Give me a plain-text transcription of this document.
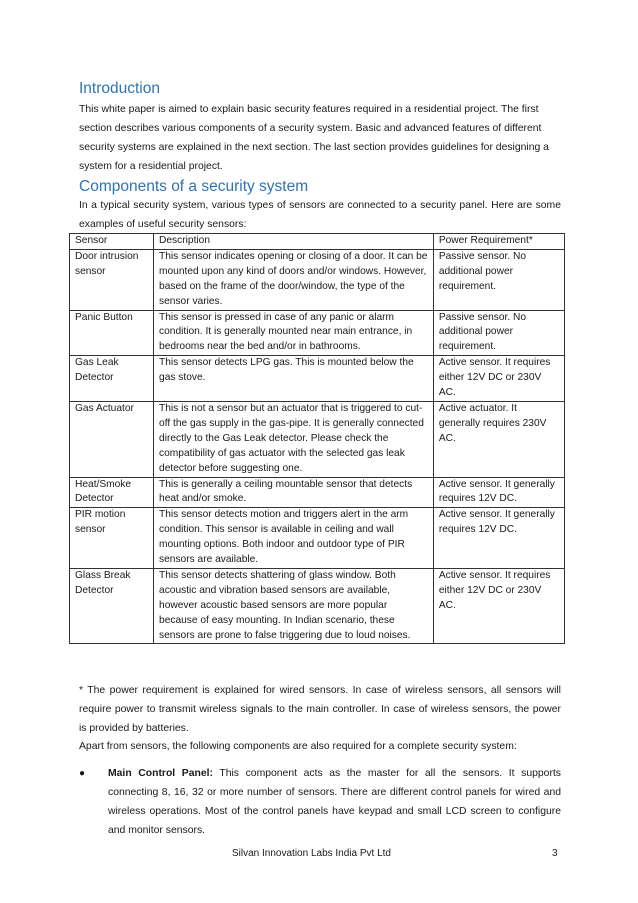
Introduction

This white paper is aimed to explain basic security features required in a residential project. The first section describes various components of a security system. Basic and advanced features of different security systems are explained in the next section. The last section provides guidelines for designing a system for a residential project.

Components of a security system

In a typical security system, various types of sensors are connected to a security panel. Here are some examples of useful security sensors:

Sensor	Description	Power Requirement*
Door intrusion sensor	This sensor indicates opening or closing of a door. It can be mounted upon any kind of doors and/or windows. However, based on the frame of the door/window, the type of the sensor varies.	Passive sensor. No additional power requirement.
Panic Button	This sensor is pressed in case of any panic or alarm condition. It is generally mounted near main entrance, in bedrooms near the bed and/or in bathrooms.	Passive sensor. No additional power requirement.
Gas Leak Detector	This sensor detects LPG gas. This is mounted below the gas stove.	Active sensor. It requires either 12V DC or 230V AC.
Gas Actuator	This is not a sensor but an actuator that is triggered to cut-off the gas supply in the gas-pipe. It is generally connected directly to the Gas Leak detector. Please check the compatibility of gas actuator with the selected gas leak detector before suggesting one.	Active actuator. It generally requires 230V AC.
Heat/Smoke Detector	This is generally a ceiling mountable sensor that detects heat and/or smoke.	Active sensor. It generally requires 12V DC.
PIR motion sensor	This sensor detects motion and triggers alert in the arm condition. This sensor is available in ceiling and wall mounting options. Both indoor and outdoor type of PIR sensors are available.	Active sensor. It generally requires 12V DC.
Glass Break Detector	This sensor detects shattering of glass window. Both acoustic and vibration based sensors are available, however acoustic based sensors are more popular because of easy mounting. In Indian scenario, these sensors are prone to false triggering due to loud noises.	Active sensor. It requires either 12V DC or 230V AC.

* The power requirement is explained for wired sensors. In case of wireless sensors, all sensors will require power to transmit wireless signals to the main controller. In case of wireless sensors, the power is provided by batteries.

Apart from sensors, the following components are also required for a complete security system:

● Main Control Panel: This component acts as the master for all the sensors. It supports connecting 8, 16, 32 or more number of sensors. There are different control panels for wired and wireless operations. Most of the control panels have keypad and small LCD screen to configure and monitor sensors.
Silvan Innovation Labs India Pvt Ltd	3
